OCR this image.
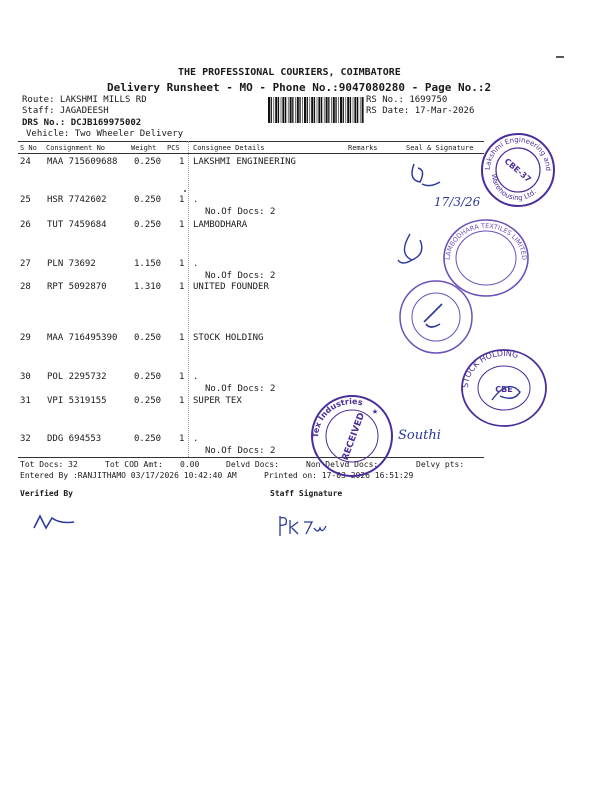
THE PROFESSIONAL COURIERS, COIMBATORE
Delivery Runsheet - MO - Phone No.:9047080280 - Page No.:2
Route: LAKSHMI MILLS RD
Staff: JAGADEESH
DRS No.: DCJB169975002
Vehicle: Two Wheeler Delivery
RS No.: 1699750
RS Date: 17-Mar-2026
S No Consignment No	Weight PCS Consignee Details	Remarks	Seal & Signature
24 MAA 715609688 0.250 1 LAKSHMI ENGINEERING
25 HSR 7742602	0.250 1 .
No.Of Docs: 2
26 TUT 7459684	0.250 1 LAMBODHARA
27 PLN 73692	1.150 1 .
No.Of Docs: 2
28 RPT 5092870	1.310 1 UNITED FOUNDER
29 MAA 716495390 0.250 1 STOCK HOLDING
30 POL 2295732	0.250 1 .
No.Of Docs: 2
31 VPI 5319155	0.250 1 SUPER TEX
32 DDG 694553	0.250 1 .
No.Of Docs: 2
Tot Docs: 32	Tot COD Amt: 0.00	Delvd Docs:	Non Delvd Docs:	Delvy pts:
Entered By :RANJITHAMO 03/17/2026 10:42:40 AM	Printed on: 17-03-2026 16:51:29
Verified By	Staff Signature
Lakshmi Engineering and
Warehousing Ltd.
CBE-37
17/3/26
LAMBODHARA TEXTILES LIMITED
STOCK HOLDING
CBE
Tex Industries
RECEIVED
★
Southi
